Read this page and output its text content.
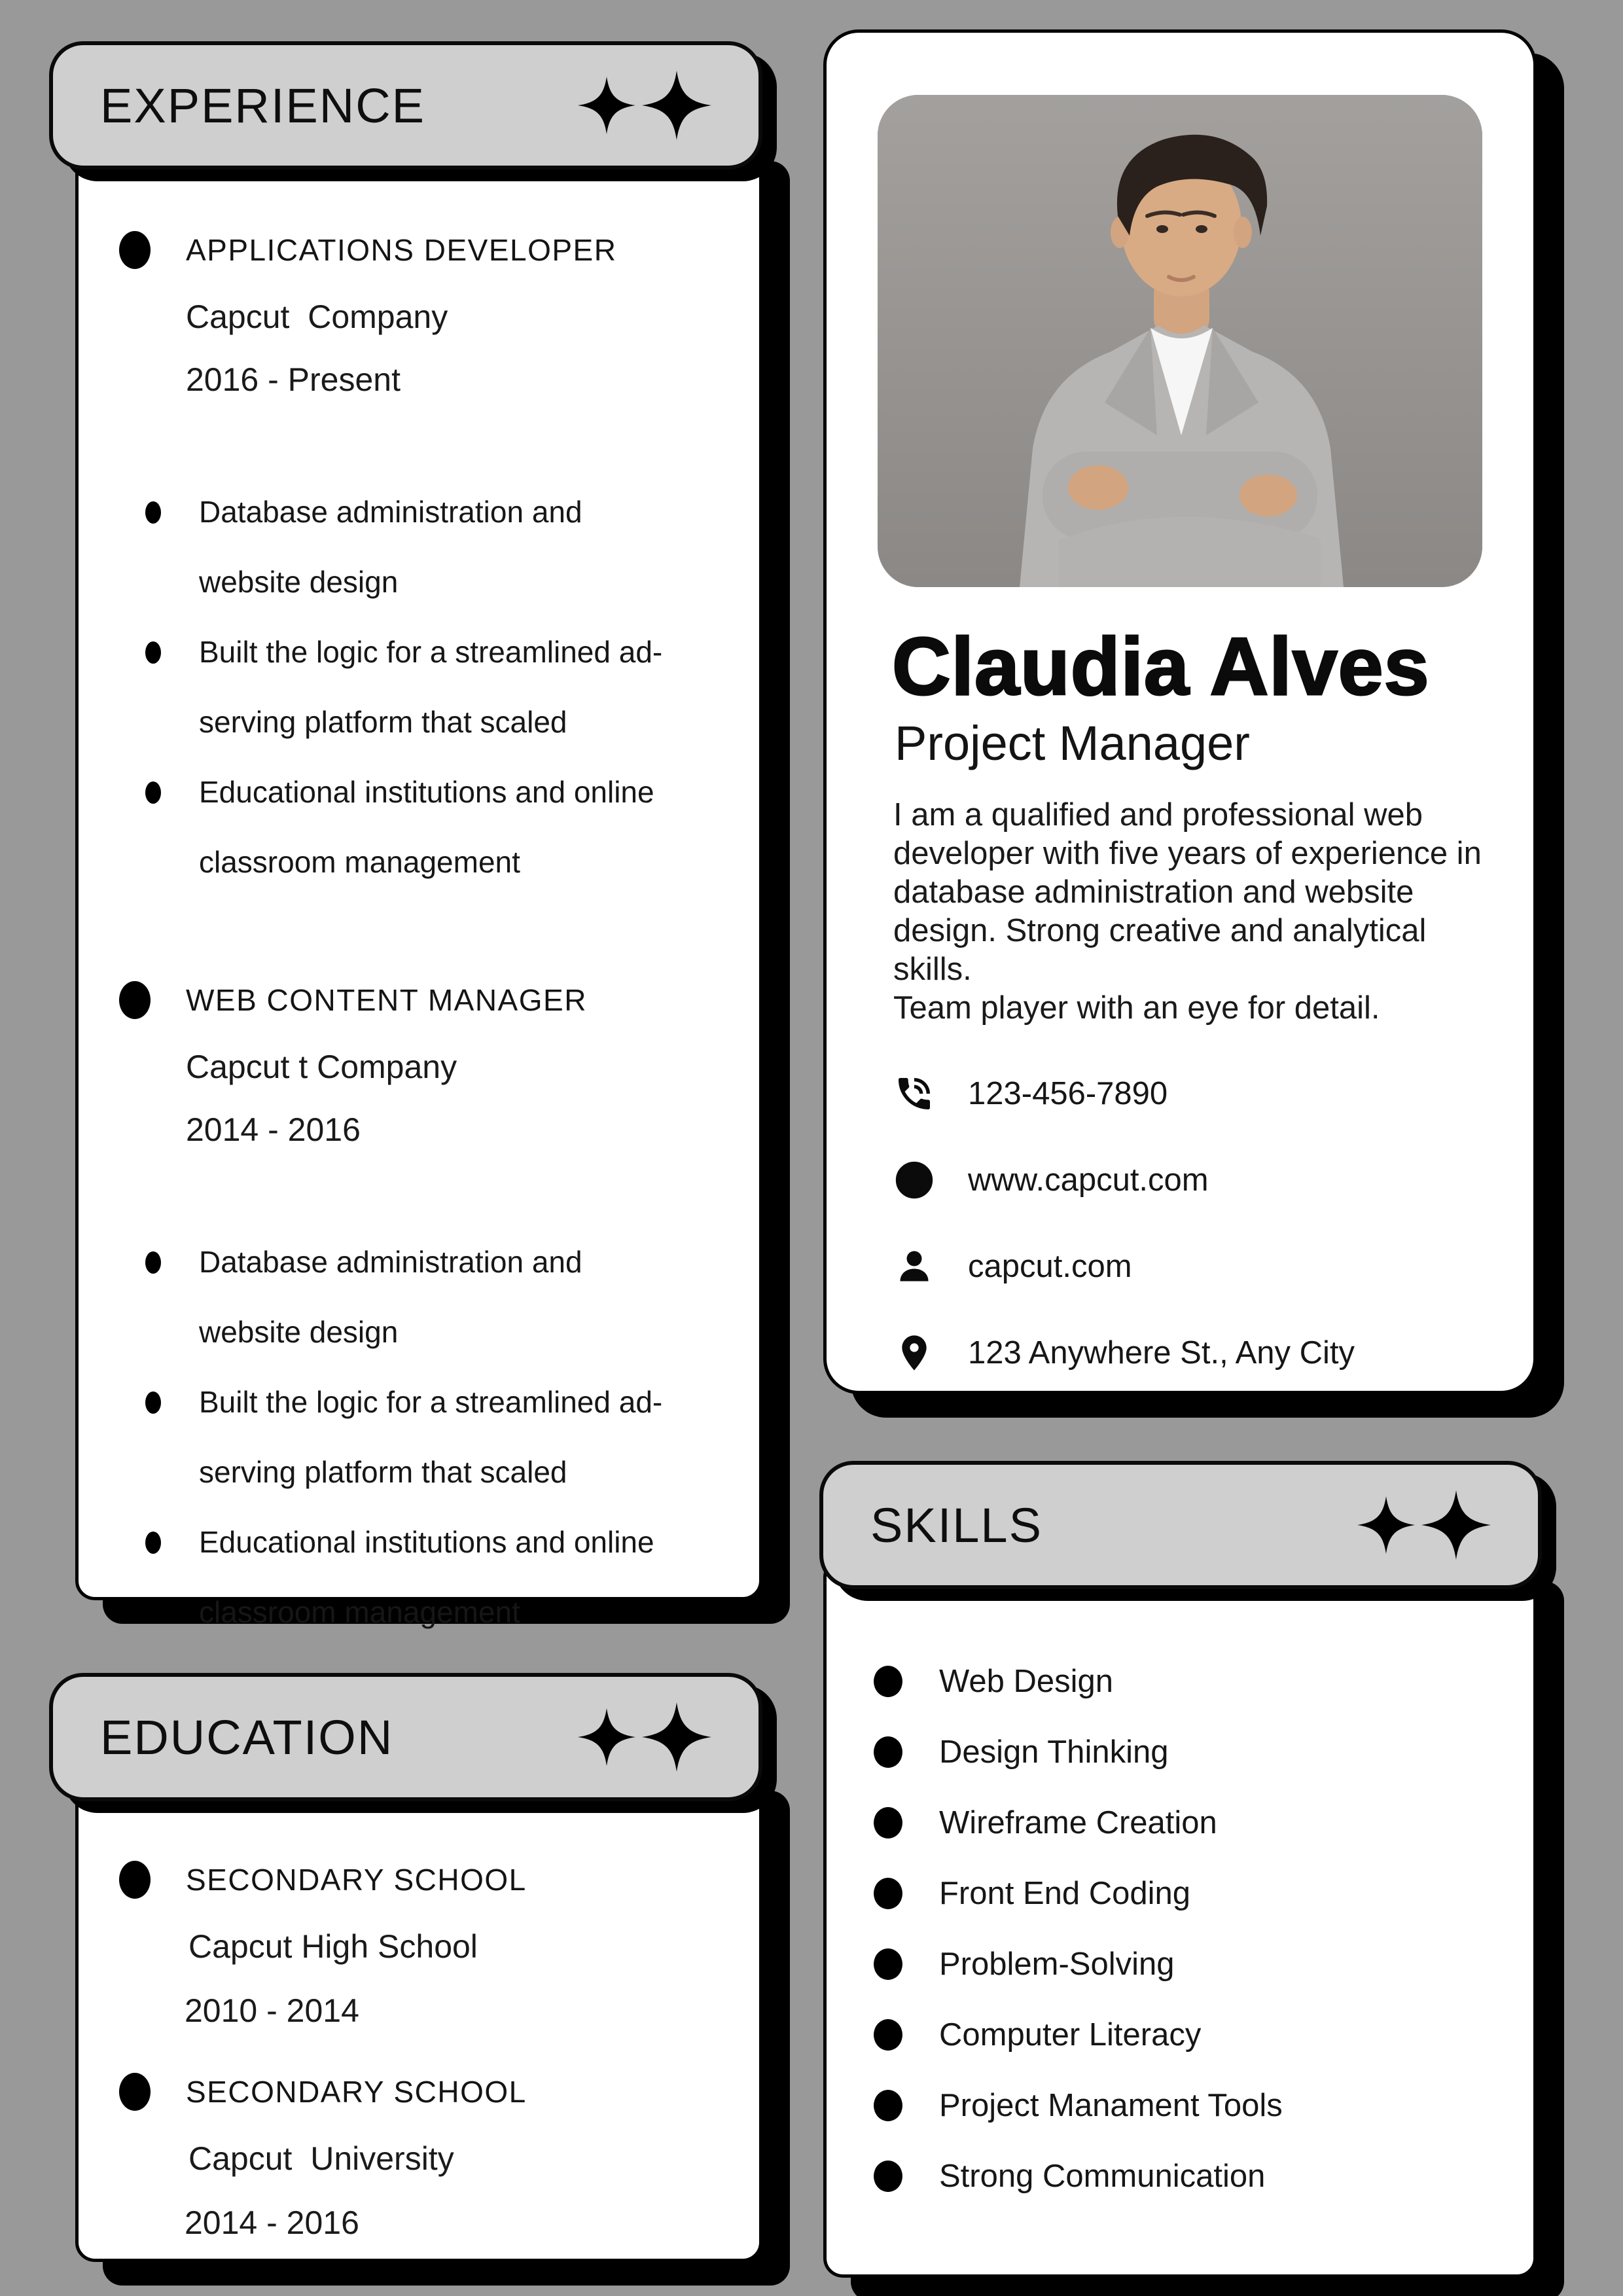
EXPERIENCE
APPLICATIONS DEVELOPER
Capcut  Company
2016 - Present
Database administration and
website design
Built the logic for a streamlined ad-
serving platform that scaled
Educational institutions and online
classroom management
WEB CONTENT MANAGER
Capcut t Company
2014 - 2016
Database administration and
website design
Built the logic for a streamlined ad-
serving platform that scaled
Educational institutions and online
classroom management
EDUCATION
SECONDARY SCHOOL
Capcut High School
2010 - 2014
SECONDARY SCHOOL
Capcut  University
2014 - 2016
Claudia Alves
Project Manager
I am a qualified and professional web
developer with five years of experience in
database administration and website
design. Strong creative and analytical skills.
Team player with an eye for detail.
123-456-7890
www.capcut.com
capcut.com
123 Anywhere St., Any City
SKILLS
Web Design
Design Thinking
Wireframe Creation
Front End Coding
Problem-Solving
Computer Literacy
Project Manament Tools
Strong Communication
